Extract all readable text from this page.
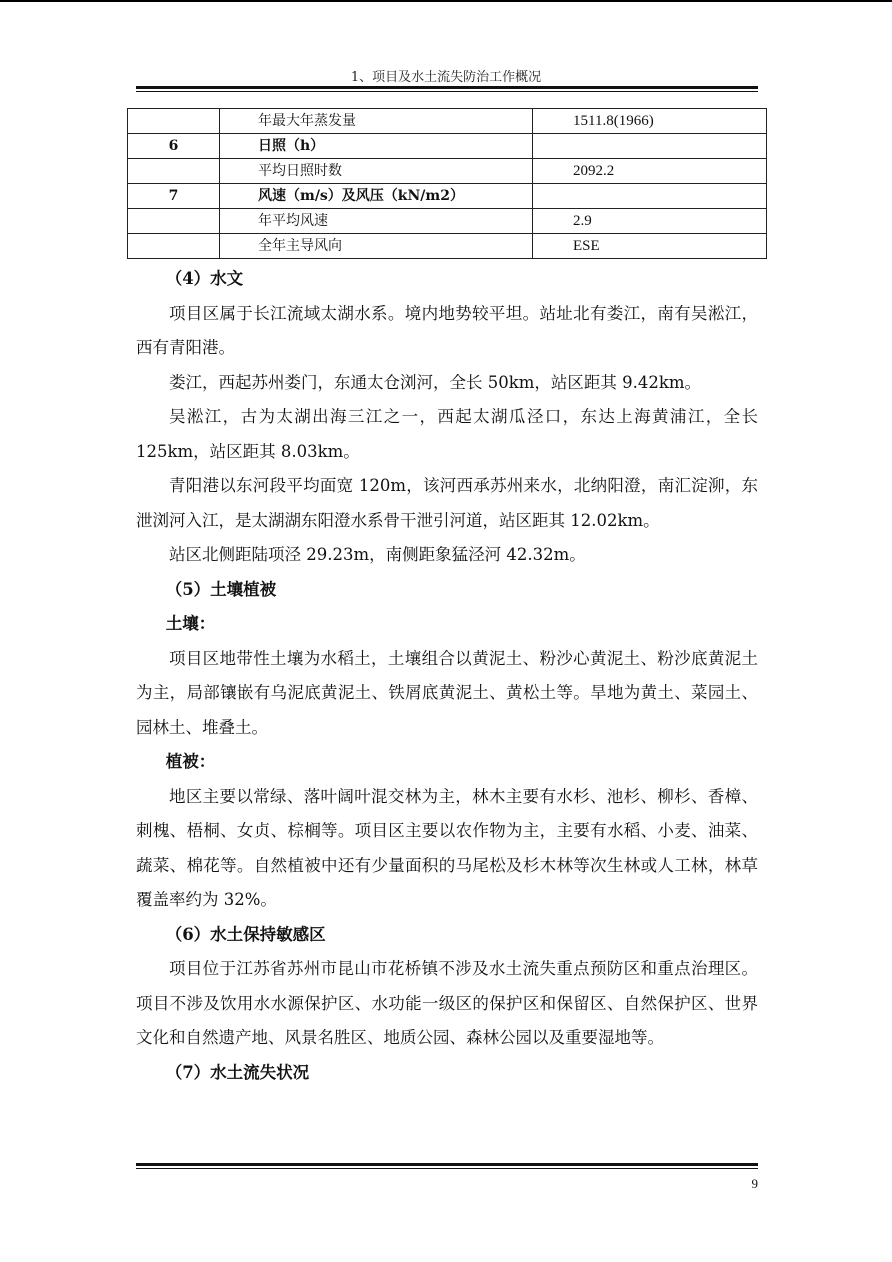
1、项目及水土流失防治工作概况
	年最大年蒸发量	1511.8(1966)
6	日照（h）	
	平均日照时数	2092.2
7	风速（m/s）及风压（kN/m2）	
	年平均风速	2.9
	全年主导风向	ESE
（4）水文

项目区属于长江流域太湖水系。境内地势较平坦。站址北有娄江，南有吴淞江，西有青阳港。

娄江，西起苏州娄门，东通太仓浏河，全长 50km，站区距其 9.42km。

吴淞江，古为太湖出海三江之一，西起太湖瓜泾口，东达上海黄浦江，全长 125km，站区距其 8.03km。

青阳港以东河段平均面宽 120m，该河西承苏州来水，北纳阳澄，南汇淀泖，东泄浏河入江，是太湖湖东阳澄水系骨干泄引河道，站区距其 12.02km。

站区北侧距陆项泾 29.23m，南侧距象猛泾河 42.32m。

（5）土壤植被
土壤：

项目区地带性土壤为水稻土，土壤组合以黄泥土、粉沙心黄泥土、粉沙底黄泥土为主，局部镶嵌有乌泥底黄泥土、铁屑底黄泥土、黄松土等。旱地为黄土、菜园土、园林土、堆叠土。

植被：

地区主要以常绿、落叶阔叶混交林为主，林木主要有水杉、池杉、柳杉、香樟、刺槐、梧桐、女贞、棕榈等。项目区主要以农作物为主，主要有水稻、小麦、油菜、蔬菜、棉花等。自然植被中还有少量面积的马尾松及杉木林等次生林或人工林，林草覆盖率约为 32%。

（6）水土保持敏感区

项目位于江苏省苏州市昆山市花桥镇不涉及水土流失重点预防区和重点治理区。项目不涉及饮用水水源保护区、水功能一级区的保护区和保留区、自然保护区、世界文化和自然遗产地、风景名胜区、地质公园、森林公园以及重要湿地等。

（7）水土流失状况
9
